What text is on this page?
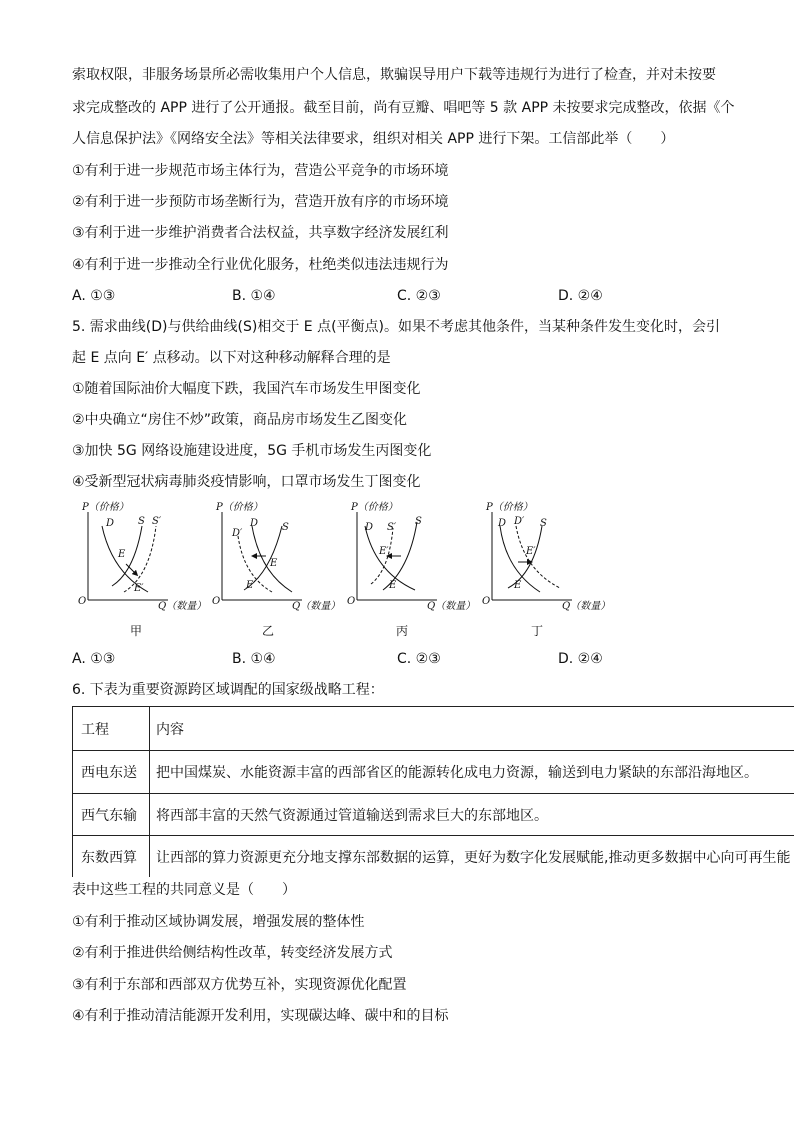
索取权限，非服务场景所必需收集用户个人信息，欺骗误导用户下载等违规行为进行了检查，并对未按要
求完成整改的 APP 进行了公开通报。截至目前，尚有豆瓣、唱吧等 5 款 APP 未按要求完成整改，依据《个
人信息保护法》《网络安全法》等相关法律要求，组织对相关 APP 进行下架。工信部此举（　　）
①有利于进一步规范市场主体行为，营造公平竞争的市场环境
②有利于进一步预防市场垄断行为，营造开放有序的市场环境
③有利于进一步维护消费者合法权益，共享数字经济发展红利
④有利于进一步推动全行业优化服务，杜绝类似违法违规行为
A. ①③	B. ①④	C. ②③	D. ②④
5. 需求曲线(D)与供给曲线(S)相交于 E 点(平衡点)。如果不考虑其他条件，当某种条件发生变化时，会引
起 E 点向 E′ 点移动。以下对这种移动解释合理的是
①随着国际油价大幅度下跌，我国汽车市场发生甲图变化
②中央确立“房住不炒”政策，商品房市场发生乙图变化
③加快 5G 网络设施建设进度，5G 手机市场发生丙图变化
④受新型冠状病毒肺炎疫情影响，口罩市场发生丁图变化
P（价格）
O	Q（数量）
D S S′
E
E′
P（价格）
O	Q（数量）
D′
D S
E
E′
P（价格）
O	Q（数量）
D S′
S
E′
E
P（价格）
O	Q（数量）
D D′ S
E′
E
甲	乙	丙	丁
A. ①③	B. ①④	C. ②③	D. ②④
6. 下表为重要资源跨区域调配的国家级战略工程：
工程	内容
西电东送	把中国煤炭、水能资源丰富的西部省区的能源转化成电力资源，输送到电力紧缺的东部沿海地区。
西气东输	将西部丰富的天然气资源通过管道输送到需求巨大的东部地区。
东数西算	让西部的算力资源更充分地支撑东部数据的运算，更好为数字化发展赋能,推动更多数据中心向可再生能
表中这些工程的共同意义是（　　）
①有利于推动区域协调发展，增强发展的整体性
②有利于推进供给侧结构性改革，转变经济发展方式
③有利于东部和西部双方优势互补，实现资源优化配置
④有利于推动清洁能源开发利用，实现碳达峰、碳中和的目标
